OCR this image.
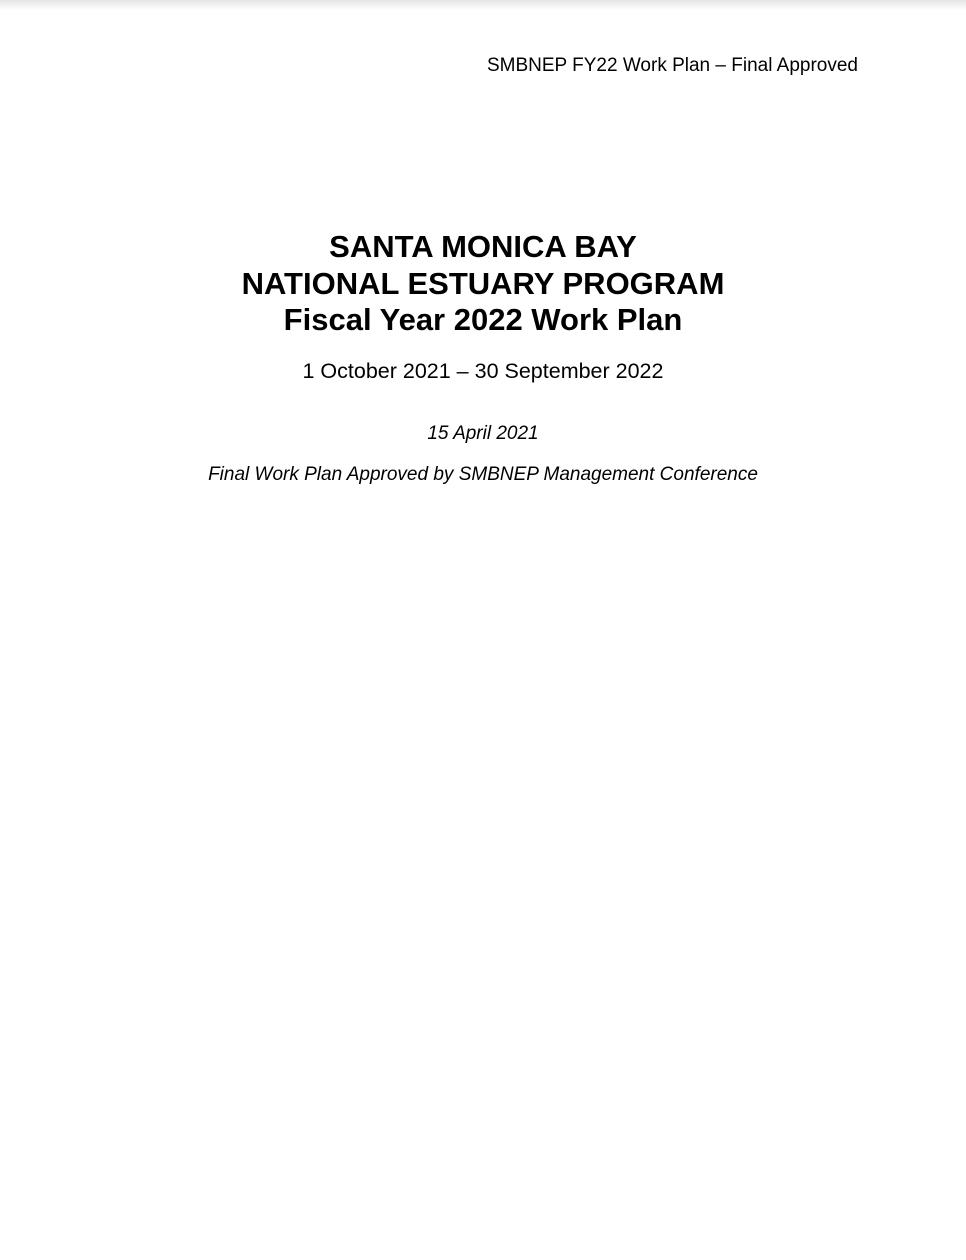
SMBNEP FY22 Work Plan – Final Approved
SANTA MONICA BAY
NATIONAL ESTUARY PROGRAM
Fiscal Year 2022 Work Plan
1 October 2021 – 30 September 2022
15 April 2021
Final Work Plan Approved by SMBNEP Management Conference
